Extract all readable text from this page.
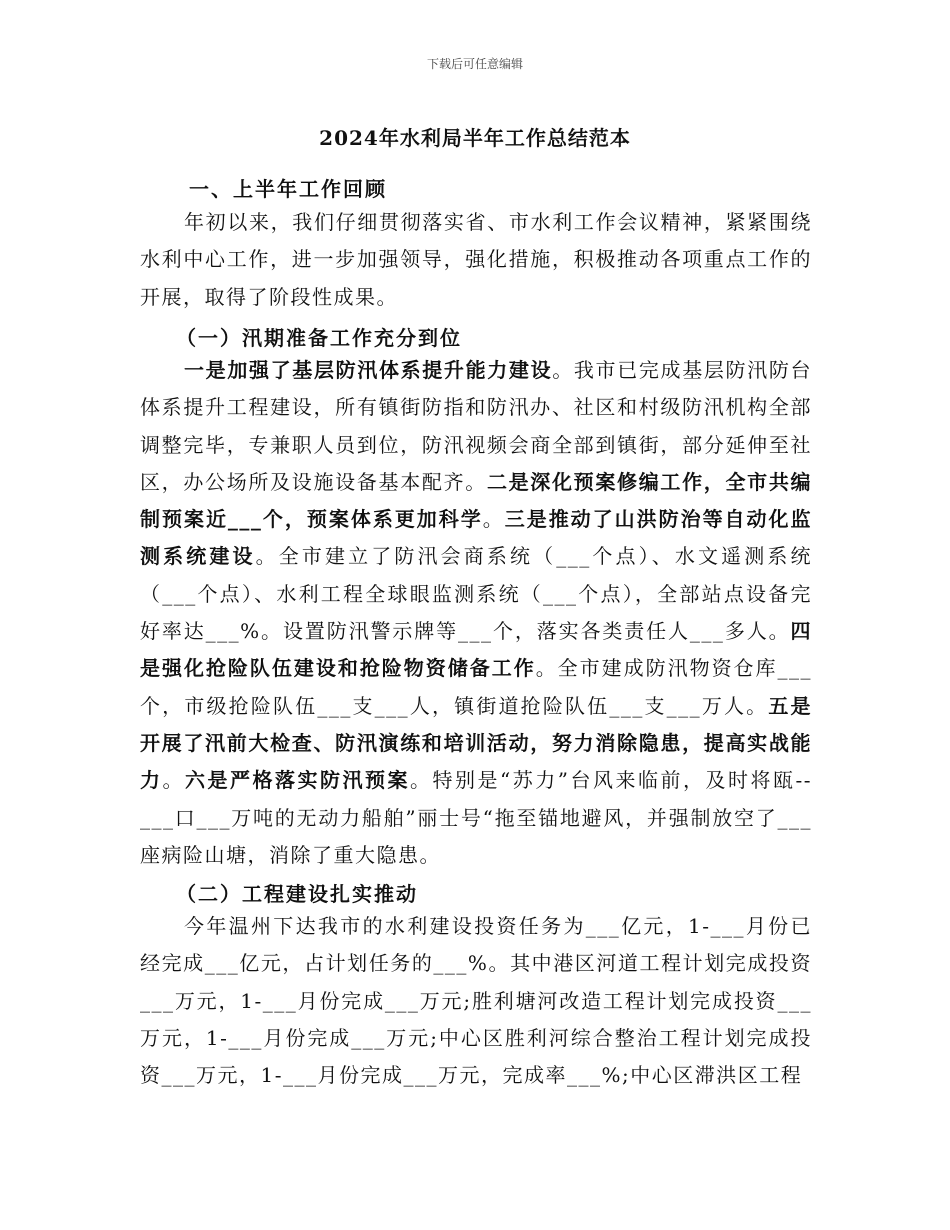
下载后可任意编辑
2024年水利局半年工作总结范本
一、上半年工作回顾
年初以来，我们仔细贯彻落实省、市水利工作会议精神，紧紧围绕水利中心工作，进一步加强领导，强化措施，积极推动各项重点工作的开展，取得了阶段性成果。
（一）汛期准备工作充分到位
一是加强了基层防汛体系提升能力建设。我市已完成基层防汛防台体系提升工程建设，所有镇街防指和防汛办、社区和村级防汛机构全部调整完毕，专兼职人员到位，防汛视频会商全部到镇街，部分延伸至社区，办公场所及设施设备基本配齐。二是深化预案修编工作，全市共编制预案近___个，预案体系更加科学。三是推动了山洪防治等自动化监测系统建设。全市建立了防汛会商系统（___个点）、水文遥测系统（___个点）、水利工程全球眼监测系统（___个点），全部站点设备完好率达___%。设置防汛警示牌等___个，落实各类责任人___多人。四是强化抢险队伍建设和抢险物资储备工作。全市建成防汛物资仓库___个，市级抢险队伍___支___人，镇街道抢险队伍___支___万人。五是开展了汛前大检查、防汛演练和培训活动，努力消除隐患，提高实战能力。六是严格落实防汛预案。特别是“苏力”台风来临前，及时将瓯--___口___万吨的无动力船舶”丽士号“拖至锚地避风，并强制放空了___座病险山塘，消除了重大隐患。
（二）工程建设扎实推动
今年温州下达我市的水利建设投资任务为___亿元，1-___月份已经完成___亿元，占计划任务的___%。其中港区河道工程计划完成投资___万元，1-___月份完成___万元;胜利塘河改造工程计划完成投资___万元，1-___月份完成___万元;中心区胜利河综合整治工程计划完成投资___万元，1-___月份完成___万元，完成率___%;中心区滞洪区工程
